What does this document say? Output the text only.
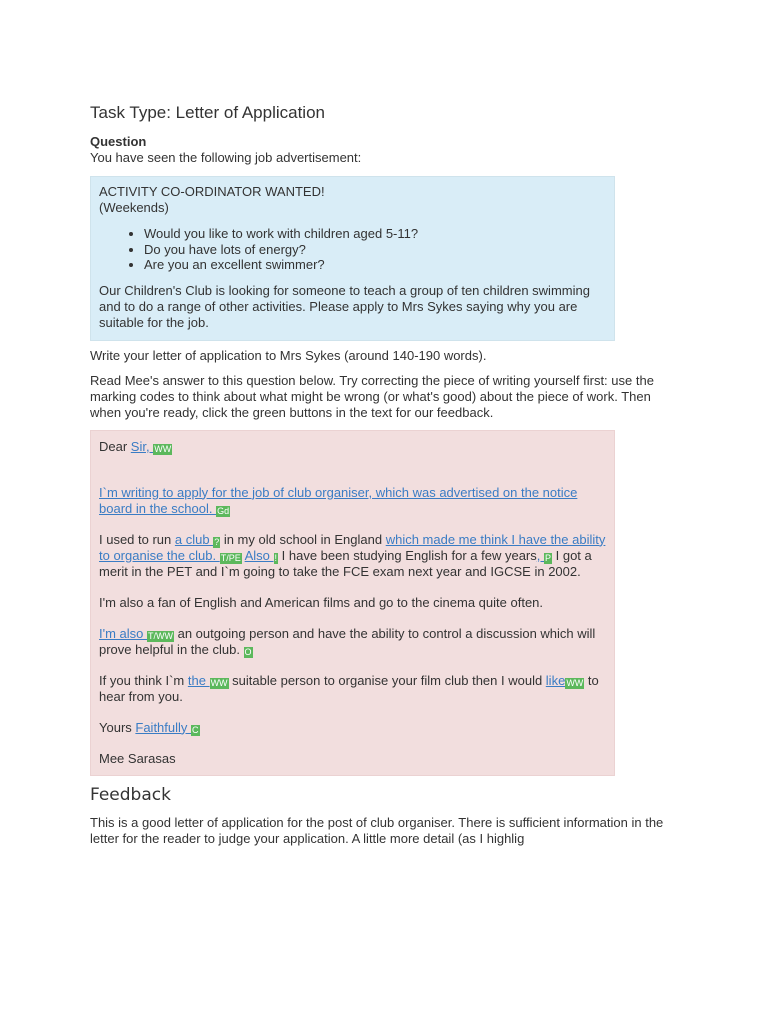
Task Type: Letter of Application
Question

You have seen the following job advertisement:

ACTIVITY CO-ORDINATOR WANTED!
(Weekends)
• Would you like to work with children aged 5-11?
• Do you have lots of energy?
• Are you an excellent swimmer?
Our Children's Club is looking for someone to teach a group of ten children swimming and to do a range of other activities. Please apply to Mrs Sykes saying why you are suitable for the job.

Write your letter of application to Mrs Sykes (around 140-190 words).

Read Mee's answer to this question below. Try correcting the piece of writing yourself first: use the marking codes to think about what might be wrong (or what's good) about the piece of work. Then when you're ready, click the green buttons in the text for our feedback.

Dear Sir, WW

I`m writing to apply for the job of club organiser, which was advertised on the notice board in the school. Gd

I used to run a club ? in my old school in England which made me think I have the ability to organise the club. T/PE Also ! I have been studying English for a few years, P I got a merit in the PET and I`m going to take the FCE exam next year and IGCSE in 2002.

I'm also a fan of English and American films and go to the cinema quite often.

I'm also T/WW an outgoing person and have the ability to control a discussion which will prove helpful in the club. O

If you think I`m the WW suitable person to organise your film club then I would likeWW to hear from you.

Yours Faithfully C

Mee Sarasas

Feedback

This is a good letter of application for the post of club organiser. There is sufficient information in the letter for the reader to judge your application. A little more detail (as I highlig
